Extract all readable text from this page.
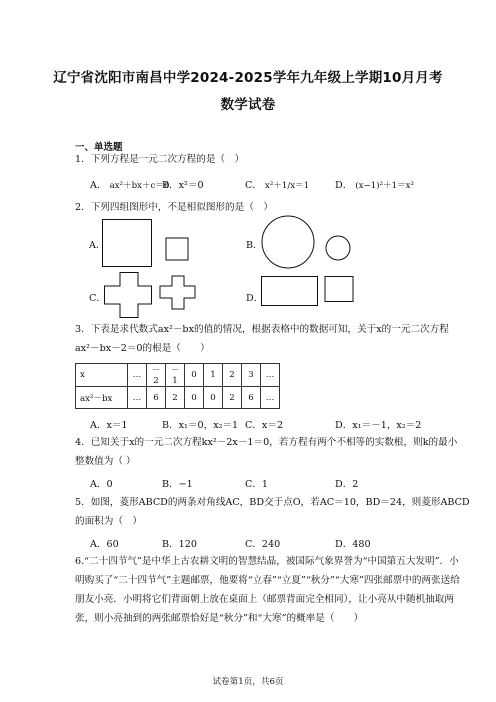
辽宁省沈阳市南昌中学2024-2025学年九年级上学期10月月考
数学试卷
一、单选题
1．下列方程是一元二次方程的是（　）
A． ax²＋bx＋c＝0
B．x²＝0	C． x²＋1/x＝1	D． (x−1)²＋1＝x²
2．下列四组图形中，不是相似图形的是（　）
A．	B．
C．	D．
3．下表是求代数式ax²－bx的值的情况，根据表格中的数据可知，关于x的一元二次方程
ax²－bx－2＝0的根是（　　）
x	…	－2	－1	0	1	2	3	…
ax²－bx	…	6	2	0	0	2	6	…
A．x＝1	B．x₁＝0，x₂＝1 C．x＝2	D．x₁＝－1，x₂＝2
4．已知关于x的一元二次方程kx²－2x－1＝0，若方程有两个不相等的实数根，则k的最小
整数值为（ ）
A．0	B．−1	C．1	D．2
5．如图，菱形ABCD的两条对角线AC，BD交于点O，若AC＝10，BD＝24，则菱形ABCD
的面积为（　）
A．60	B．120	C．240	D．480
6.“二十四节气”是中华上古农耕文明的智慧结晶，被国际气象界誉为“中国第五大发明”．小
明购买了“二十四节气”主题邮票，他要将“立春”“立夏”“秋分”“大寒”四张邮票中的两张送给
朋友小亮．小明将它们背面朝上放在桌面上（邮票背面完全相同），让小亮从中随机抽取两
张，则小亮抽到的两张邮票恰好是“秋分”和“大寒”的概率是（　　）
试卷第1页，共6页
